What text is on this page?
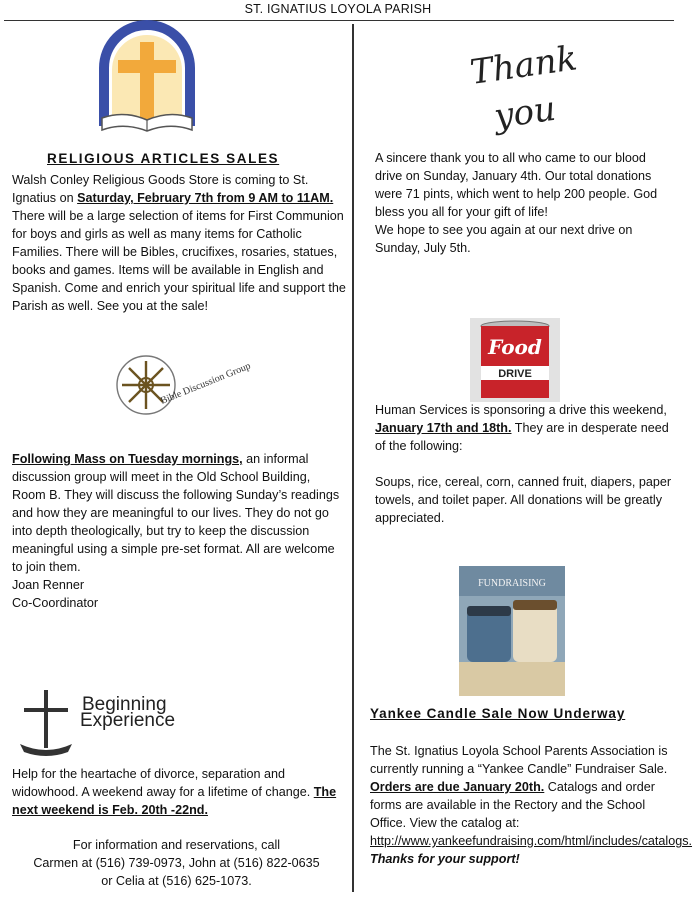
ST. IGNATIUS LOYOLA PARISH
RELIGIOUS ARTICLES SALES

Walsh Conley Religious Goods Store is coming to St. Ignatius on Saturday, February 7th from 9 AM to 11AM. There will be a large selection of items for First Communion for boys and girls as well as many items for Catholic Families. There will be Bibles, crucifixes, rosaries, statues, books and games. Items will be available in English and Spanish. Come and enrich your spiritual life and support the Parish as well. See you at the sale!

Bible Discussion Group

Following Mass on Tuesday mornings, an informal discussion group will meet in the Old School Building, Room B. They will discuss the following Sunday’s readings and how they are meaningful to our lives. They do not go into depth theologically, but try to keep the discussion meaningful using a simple pre-set format. All are welcome to join them.

Joan Renner

Co-Coordinator

Beginning
Experience

Help for the heartache of divorce, separation and widowhood. A weekend away for a lifetime of change. The next weekend is Feb. 20th -22nd.

For information and reservations, call

Carmen at (516) 739-0973, John at (516) 822-0635

or Celia at (516) 625-1073.

Thank
you

A sincere thank you to all who came to our blood drive on Sunday, January 4th. Our total donations were 71 pints, which went to help 200 people. God bless you all for your gift of life!

We hope to see you again at our next drive on Sunday, July 5th.

Food
DRIVE

Human Services is sponsoring a drive this weekend, January 17th and 18th. They are in desperate need of the following:

Soups, rice, cereal, corn, canned fruit, diapers, paper towels, and toilet paper. All donations will be greatly appreciated.

FUNDRAISING
Yankee Candle Sale Now Underway

The St. Ignatius Loyola School Parents Association is currently running a “Yankee Candle” Fundraiser Sale. Orders are due January 20th. Catalogs and order forms are available in the Rectory and the School Office. View the catalog at:

http://www.yankeefundraising.com/html/includes/catalogs.  Thanks for your support!
